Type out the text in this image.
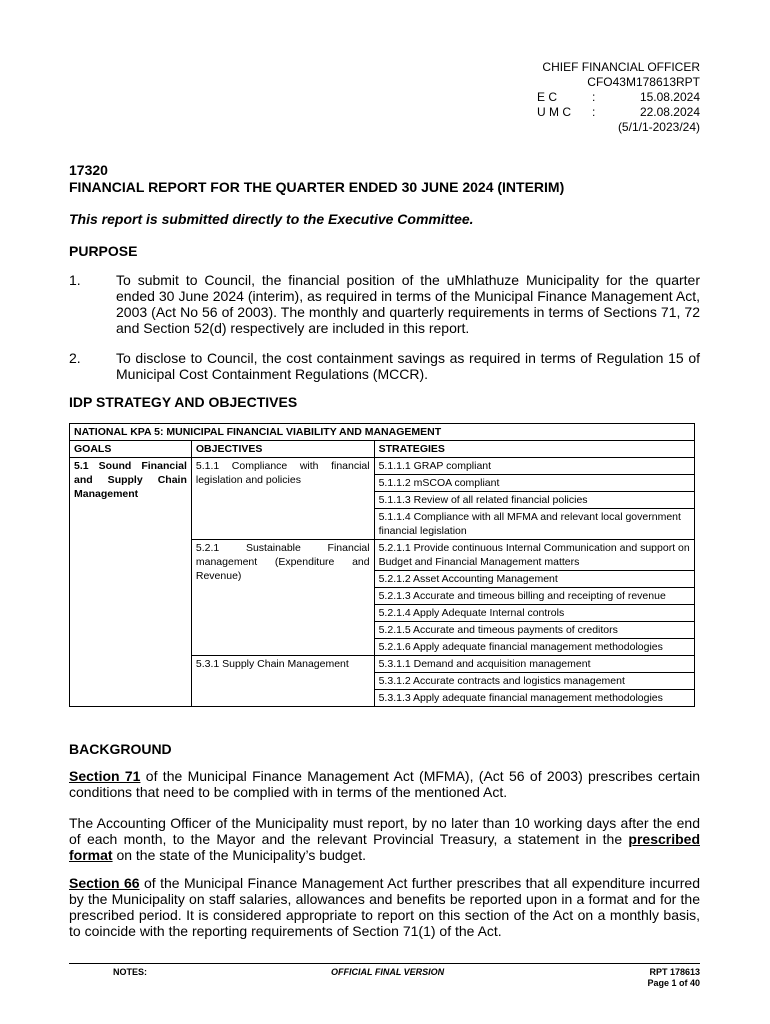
CHIEF FINANCIAL OFFICER
CFO43M178613RPT
E C	:	15.08.2024
U M C	:	22.08.2024
(5/1/1-2023/24)
17320
FINANCIAL REPORT FOR THE QUARTER ENDED 30 JUNE 2024 (INTERIM)
This report is submitted directly to the Executive Committee.
PURPOSE
1.	To submit to Council, the financial position of the uMhlathuze Municipality for the quarter ended 30 June 2024 (interim), as required in terms of the Municipal Finance Management Act, 2003 (Act No 56 of 2003). The monthly and quarterly requirements in terms of Sections 71, 72 and Section 52(d) respectively are included in this report.
2.	To disclose to Council, the cost containment savings as required in terms of Regulation 15 of Municipal Cost Containment Regulations (MCCR).
IDP STRATEGY AND OBJECTIVES
NATIONAL KPA 5: MUNICIPAL FINANCIAL VIABILITY AND MANAGEMENT		
GOALS	OBJECTIVES	STRATEGIES
5.1 Sound Financial and Supply Chain Management	5.1.1 Compliance with financial legislation and policies	5.1.1.1 GRAP compliant
		5.1.1.2 mSCOA compliant
		5.1.1.3 Review of all related financial policies
		5.1.1.4 Compliance with all MFMA and relevant local government financial legislation
	5.2.1 Sustainable Financial management (Expenditure and Revenue)	5.2.1.1 Provide continuous Internal Communication and support on Budget and Financial Management matters
		5.2.1.2 Asset Accounting Management
		5.2.1.3 Accurate and timeous billing and receipting of revenue
		5.2.1.4 Apply Adequate Internal controls
		5.2.1.5 Accurate and timeous payments of creditors
		5.2.1.6 Apply adequate financial management methodologies
	5.3.1 Supply Chain Management	5.3.1.1 Demand and acquisition management
		5.3.1.2 Accurate contracts and logistics management
		5.3.1.3 Apply adequate financial management methodologies
BACKGROUND

Section 71 of the Municipal Finance Management Act (MFMA), (Act 56 of 2003) prescribes certain conditions that need to be complied with in terms of the mentioned Act.

The Accounting Officer of the Municipality must report, by no later than 10 working days after the end of each month, to the Mayor and the relevant Provincial Treasury, a statement in the prescribed format on the state of the Municipality’s budget.

Section 66 of the Municipal Finance Management Act further prescribes that all expenditure incurred by the Municipality on staff salaries, allowances and benefits be reported upon in a format and for the prescribed period. It is considered appropriate to report on this section of the Act on a monthly basis, to coincide with the reporting requirements of Section 71(1) of the Act.

NOTES:	OFFICIAL FINAL VERSION	RPT 178613
Page 1 of 40
